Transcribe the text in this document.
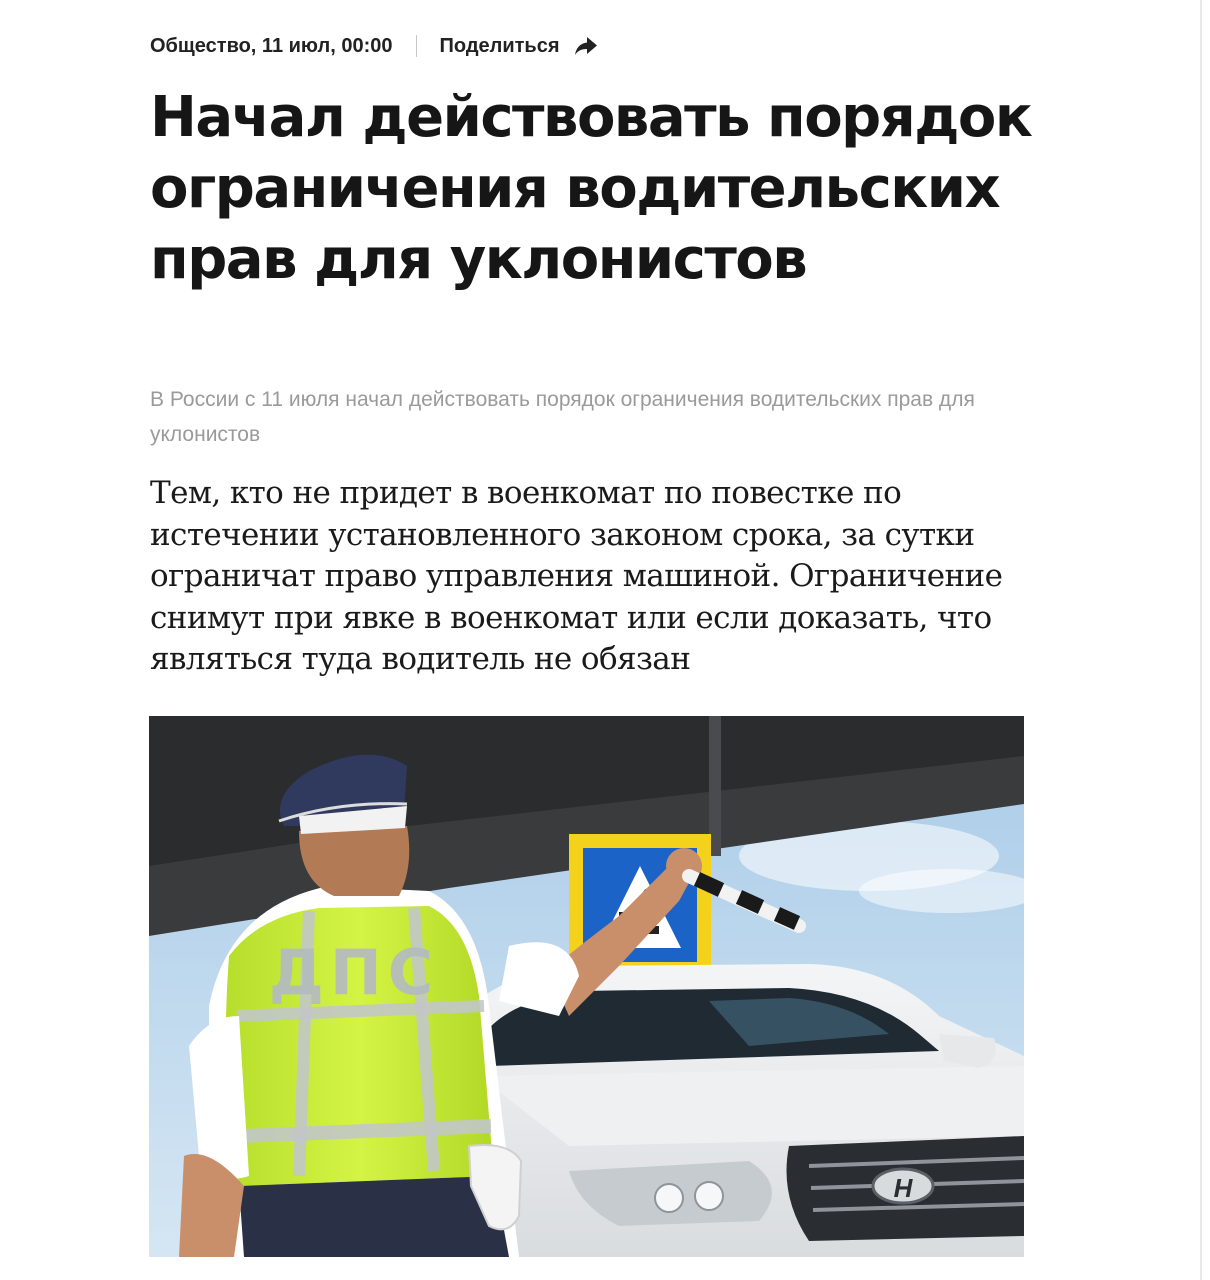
Общество, 11 июл, 00:00 Поделиться
Начал действовать порядок ограничения водительских прав для уклонистов

В России с 11 июля начал действовать порядок ограничения водительских прав для уклонистов

Тем, кто не придет в военкомат по повестке по истечении установленного законом срока, за сутки ограничат право управления машиной. Ограничение снимут при явке в военкомат или если доказать, что являться туда водитель не обязан

H
ДПС
